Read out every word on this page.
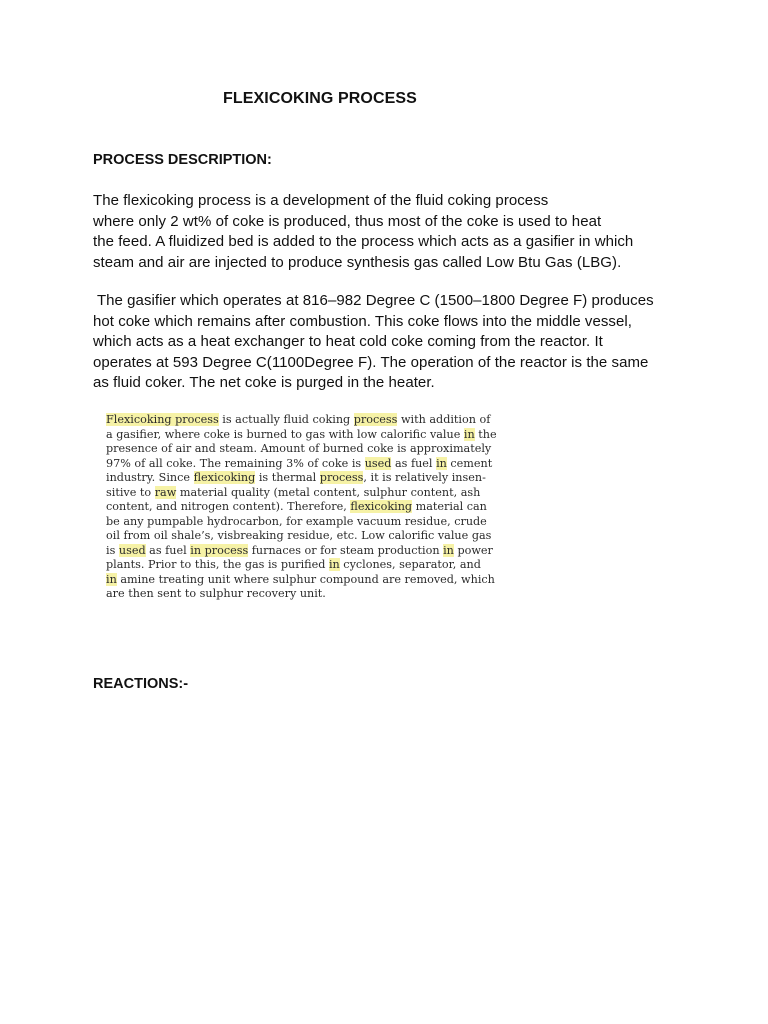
FLEXICOKING PROCESS
PROCESS DESCRIPTION:
The flexicoking process is a development of the fluid coking process
where only 2 wt% of coke is produced, thus most of the coke is used to heat
the feed. A fluidized bed is added to the process which acts as a gasifier in which
steam and air are injected to produce synthesis gas called Low Btu Gas (LBG).
The gasifier which operates at 816–982 Degree C (1500–1800 Degree F) produces
hot coke which remains after combustion. This coke flows into the middle vessel,
which acts as a heat exchanger to heat cold coke coming from the reactor. It
operates at 593 Degree C(1100Degree F). The operation of the reactor is the same
as fluid coker. The net coke is purged in the heater.
Flexicoking process is actually fluid coking process with addition of
a gasifier, where coke is burned to gas with low calorific value in the
presence of air and steam. Amount of burned coke is approximately
97% of all coke. The remaining 3% of coke is used as fuel in cement
industry. Since flexicoking is thermal process, it is relatively insen-
sitive to raw material quality (metal content, sulphur content, ash
content, and nitrogen content). Therefore, flexicoking material can
be any pumpable hydrocarbon, for example vacuum residue, crude
oil from oil shale’s, visbreaking residue, etc. Low calorific value gas
is used as fuel in process furnaces or for steam production in power
plants. Prior to this, the gas is purified in cyclones, separator, and
in amine treating unit where sulphur compound are removed, which
are then sent to sulphur recovery unit.
REACTIONS:-
